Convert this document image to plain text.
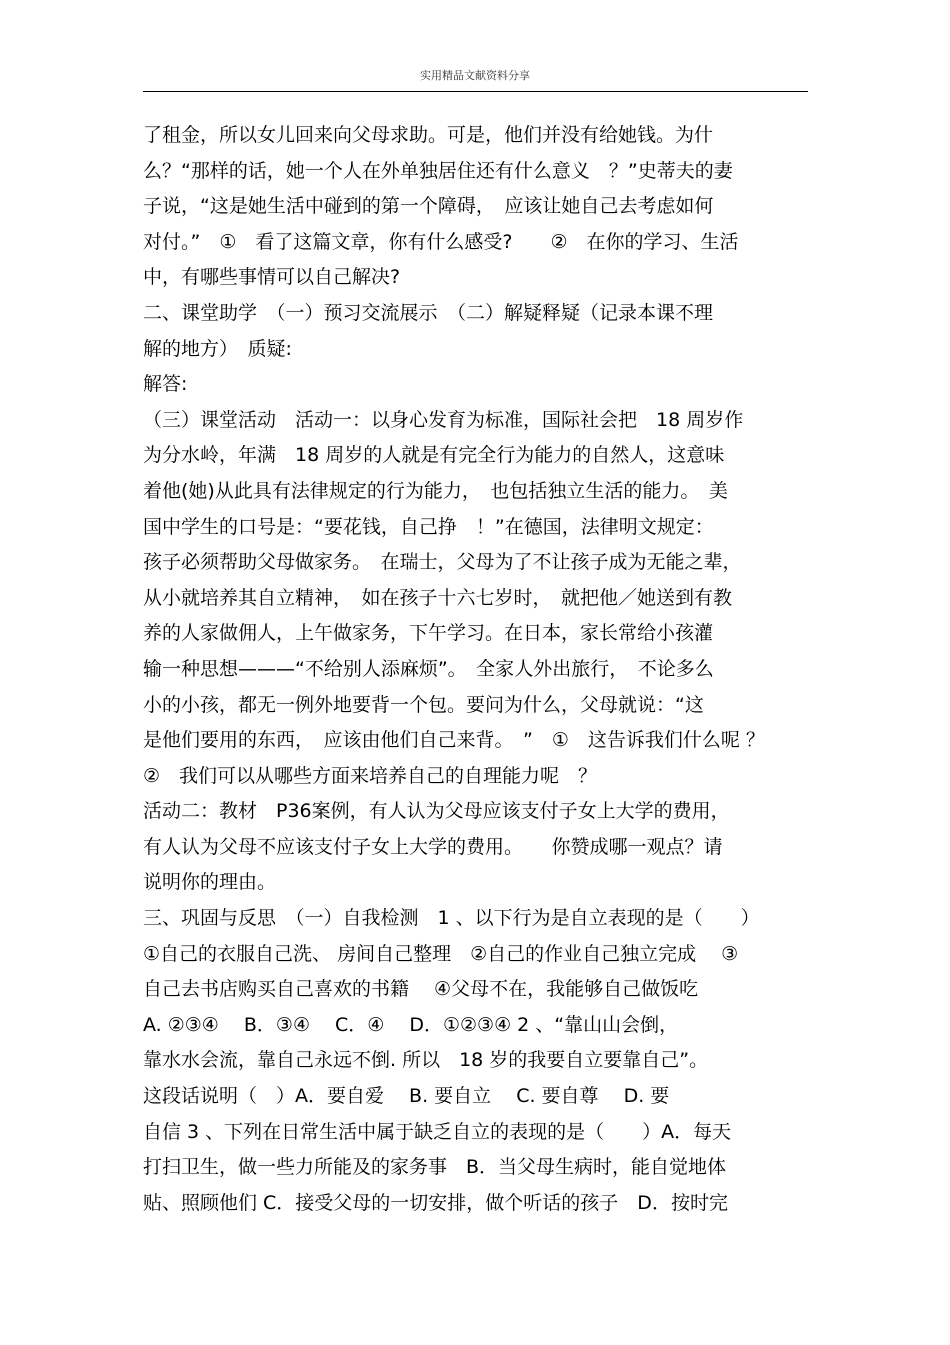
实用精品文献资料分享
了租金，所以女儿回来向父母求助。可是，他们并没有给她钱。为什
么？“那样的话，她一个人在外单独居住还有什么意义　？”史蒂夫的妻
子说，“这是她生活中碰到的第一个障碍，　应该让她自己去考虑如何
对付。”　①　看了这篇文章，你有什么感受?　　②　在你的学习、生活
中，有哪些事情可以自己解决?
二、课堂助学　（一）预习交流展示　（二）解疑释疑（记录本课不理
解的地方）　质疑:
解答:
（三）课堂活动　活动一：以身心发育为标准，国际社会把　18 周岁作
为分水岭，年满　18 周岁的人就是有完全行为能力的自然人，这意味
着他(她)从此具有法律规定的行为能力，　也包括独立生活的能力。　美
国中学生的口号是：“要花钱，自己挣　！”在德国，法律明文规定：
孩子必须帮助父母做家务。　在瑞士，父母为了不让孩子成为无能之辈，
从小就培养其自立精神，　如在孩子十六七岁时，　就把他／她送到有教
养的人家做佣人，上午做家务，下午学习。在日本，家长常给小孩灌
输一种思想———“不给别人添麻烦”。　全家人外出旅行，　不论多么
小的小孩，都无一例外地要背一个包。要问为什么，父母就说：“这
是他们要用的东西，　应该由他们自己来背。　”　①　这告诉我们什么呢 ？
②　我们可以从哪些方面来培养自己的自理能力呢　？
活动二：教材　P36案例，有人认为父母应该支付子女上大学的费用，
有人认为父母不应该支付子女上大学的费用。　　你赞成哪一观点？请
说明你的理由。
三、巩固与反思　（一）自我检测　1 、以下行为是自立表现的是（　　）
①自己的衣服自己洗、 房间自己整理　②自己的作业自己独立完成　 ③
自己去书店购买自己喜欢的书籍　 ④父母不在，我能够自己做饭吃
A. ②③④　 B．③④　 C．④　 D．①②③④ 2 、“靠山山会倒，
靠水水会流，靠自己永远不倒. 所以　18 岁的我要自立要靠自己”。
这段话说明（　）A．要自爱　 B. 要自立　 C. 要自尊　 D. 要
自信 3 、下列在日常生活中属于缺乏自立的表现的是（　　）A．每天
打扫卫生，做一些力所能及的家务事　B．当父母生病时，能自觉地体
贴、照顾他们 C．接受父母的一切安排，做个听话的孩子　D．按时完
